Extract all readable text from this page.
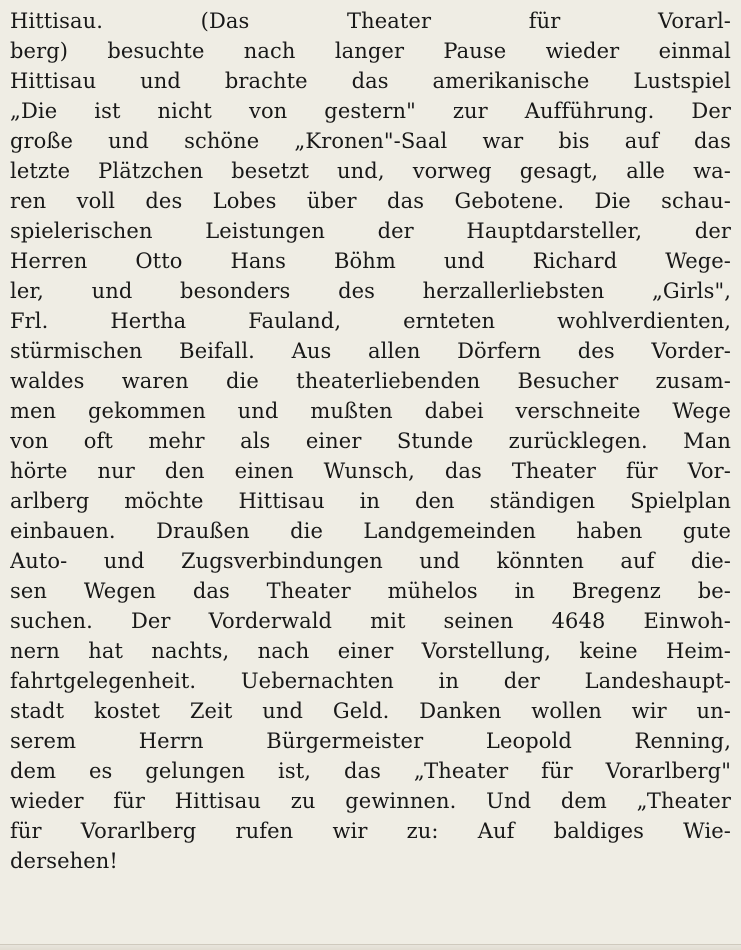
Hittisau. (Das Theater für Vorarl-
berg) besuchte nach langer Pause wieder einmal
Hittisau und brachte das amerikanische Lustspiel
„Die ist nicht von gestern" zur Aufführung. Der
große und schöne „Kronen"-Saal war bis auf das
letzte Plätzchen besetzt und, vorweg gesagt, alle wa-
ren voll des Lobes über das Gebotene. Die schau-
spielerischen Leistungen der Hauptdarsteller, der
Herren Otto Hans Böhm und Richard Wege-
ler, und besonders des herzallerliebsten „Girls",
Frl. Hertha Fauland, ernteten wohlverdienten,
stürmischen Beifall. Aus allen Dörfern des Vorder-
waldes waren die theaterliebenden Besucher zusam-
men gekommen und mußten dabei verschneite Wege
von oft mehr als einer Stunde zurücklegen. Man
hörte nur den einen Wunsch, das Theater für Vor-
arlberg möchte Hittisau in den ständigen Spielplan
einbauen. Draußen die Landgemeinden haben gute
Auto- und Zugsverbindungen und könnten auf die-
sen Wegen das Theater mühelos in Bregenz be-
suchen. Der Vorderwald mit seinen 4648 Einwoh-
nern hat nachts, nach einer Vorstellung, keine Heim-
fahrtgelegenheit. Uebernachten in der Landeshaupt-
stadt kostet Zeit und Geld. Danken wollen wir un-
serem Herrn Bürgermeister Leopold Renning,
dem es gelungen ist, das „Theater für Vorarlberg"
wieder für Hittisau zu gewinnen. Und dem „Theater
für Vorarlberg rufen wir zu: Auf baldiges Wie-
dersehen!
